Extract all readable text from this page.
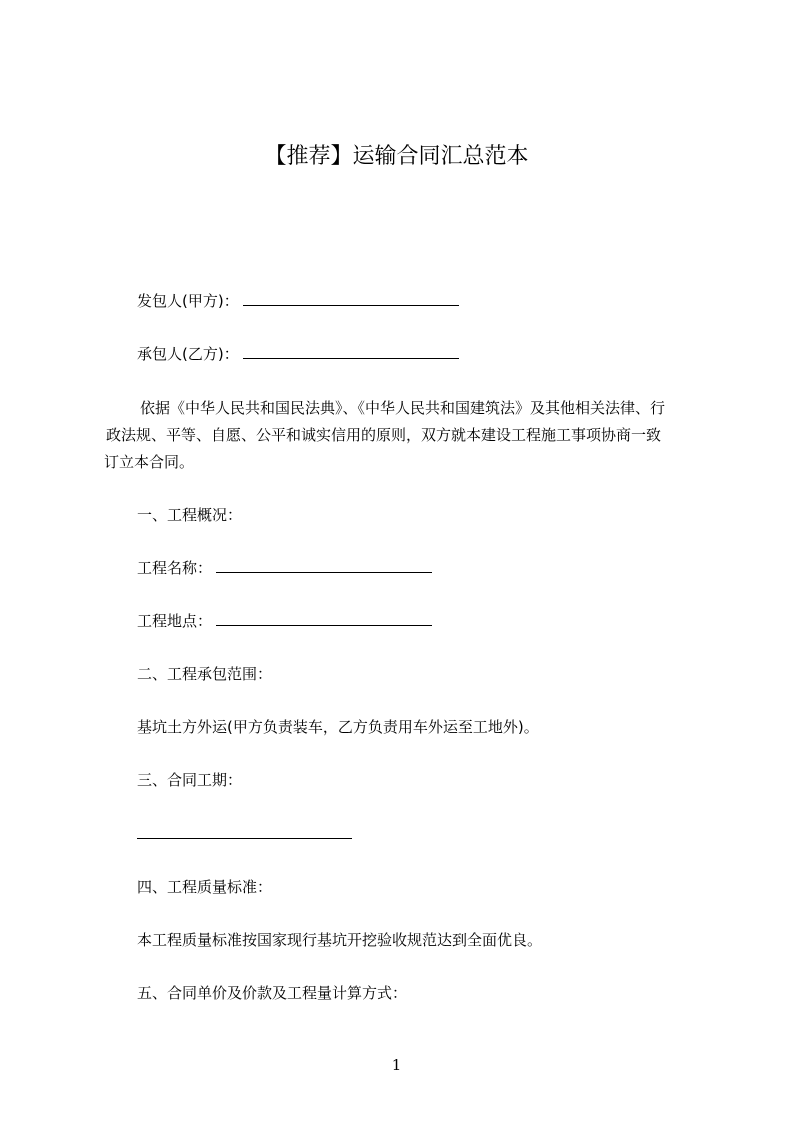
【推荐】运输合同汇总范本
发包人(甲方)：
承包人(乙方)：
依据《中华人民共和国民法典》、《中华人民共和国建筑法》及其他相关法律、行
政法规、平等、自愿、公平和诚实信用的原则，双方就本建设工程施工事项协商一致
订立本合同。
一、工程概况：
工程名称：
工程地点：
二、工程承包范围：
基坑土方外运(甲方负责装车，乙方负责用车外运至工地外)。
三、合同工期：
四、工程质量标准：
本工程质量标准按国家现行基坑开挖验收规范达到全面优良。
五、合同单价及价款及工程量计算方式：
1
